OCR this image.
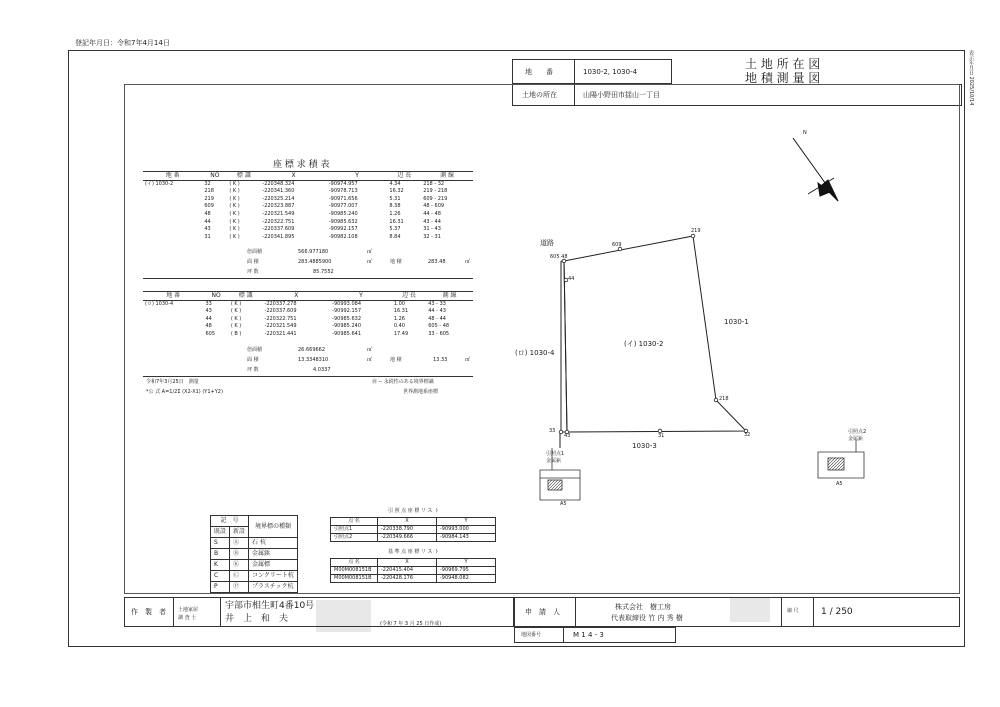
登記年月日：令和7年4月14日
表示年月日 2025/10/14
地　　番	1030-2, 1030-4
土 地 所 在 図
地 積 測 量 図
土地の所在	山陽小野田市揺山一丁目
座 標 求 積 表
地 番	NO	標 識	X	Y	辺 長	測 線
(イ) 1030-2	32	( K )	-220348.324	-90974.957	4.34	218 - 32
	218	( K )	-220341.360	-90978.713	16.32	219 - 218
	219	( K )	-220325.214	-90971.656	5.31	609 - 219
	609	( K )	-220323.887	-90977.007	8.38	48 - 609
	48	( K )	-220321.549	-90985.240	1.26	44 - 48
	44	( K )	-220322.751	-90985.632	16.31	43 - 44
	43	( K )	-220337.609	-90992.157	5.37	31 - 43
	31	( K )	-220341.895	-90982.108	8.84	32 - 31
倍面積	566.977180	㎡
面 積	283.4885900	㎡	地 積	283.48	㎡
坪 数	85.7552
地 番	NO	標 識	X	Y	辺 長	測 線
(ロ) 1030-4	33	( K )	-220337.278	-90993.084	1.00	43 - 33
	43	( K )	-220337.609	-90992.157	16.31	44 - 43
	44	( K )	-220322.751	-90985.632	1.26	48 - 44
	48	( K )	-220321.549	-90985.240	0.40	605 - 48
	605	( B )	-220321.441	-90985.641	17.49	33 - 605
倍面積	26.669662	㎡
面 積	13.3348310	㎡	地 積	13.33	㎡
坪 数	4.0337
令和7年3月25日　測量
*公 式 A=1/2Σ (X2-X1) (Y1+Y2)
㊃ -- 永続性のある境界標識
世界測地系座標
N
道路
1030-1
(イ) 1030-2
(ロ) 1030-4
1030-3
605 48
44
609
219
218
33
43	31	32
引照点1
金属鋲
引照点2
金属鋲
A5
A5
記　号		境界標の種類
既設	新設	
S	Ⓢ	石 杭
B	Ⓑ	金属鋲
K	Ⓚ	金属標
C	Ⓒ	コンクリート杭
P	Ⓟ	プラスチック杭
引 照 点 座 標 リ ス ト
点 名	X	Y
引照点1	-220338.790	-90993.000
引照点2	-220349.666	-90984.143
基 準 点 座 標 リ ス ト
点 名	X	Y
M00M008151B	-220415.404	-90969.795
M00M008151B	-220428.176	-90948.082
作　製　者 土地家屋
調 査 士
宇部市相生町4番10号
井　上　和　夫	(令和 7 年 3 月 25 日作成)
申　請　人
株式会社　樹工房
代表取締役 竹 内 秀 樹
縮 尺 1 / 250
地図番号	M 1 4 - 3
